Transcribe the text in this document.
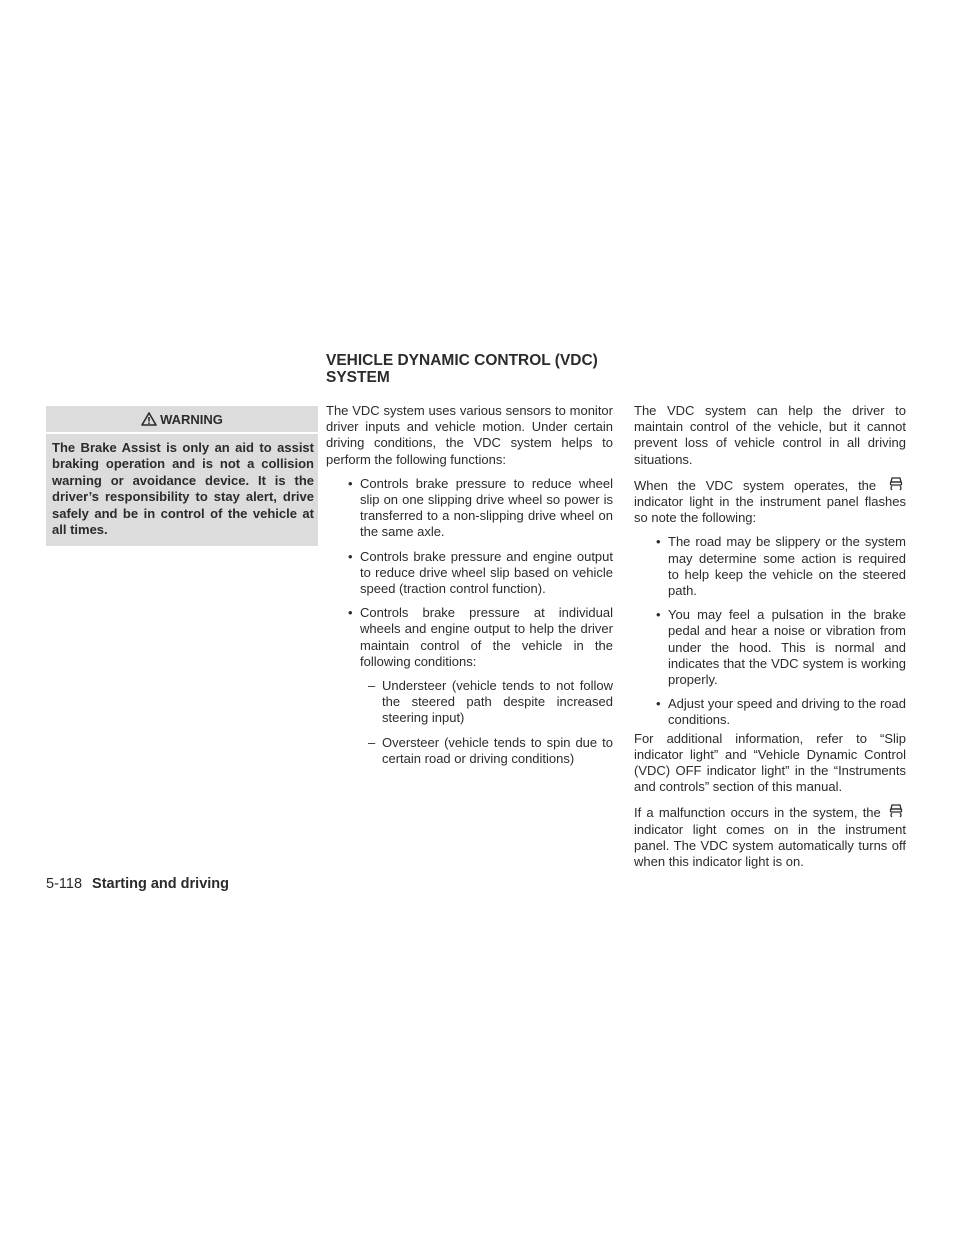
VEHICLE DYNAMIC CONTROL (VDC)
SYSTEM
WARNING

The Brake Assist is only an aid to assist braking operation and is not a collision warning or avoidance device. It is the driver’s responsibility to stay alert, drive safely and be in control of the vehicle at all times.

The VDC system uses various sensors to monitor driver inputs and vehicle motion. Under certain driving conditions, the VDC system helps to perform the following functions:

• Controls brake pressure to reduce wheel slip on one slipping drive wheel so power is transferred to a non-slipping drive wheel on the same axle.
• Controls brake pressure and engine output to reduce drive wheel slip based on vehicle speed (traction control function).
• Controls brake pressure at individual wheels and engine output to help the driver maintain control of the vehicle in the following conditions:
– Understeer (vehicle tends to not follow the steered path despite increased steering input)
– Oversteer (vehicle tends to spin due to certain road or driving conditions)

The VDC system can help the driver to maintain control of the vehicle, but it cannot prevent loss of vehicle control in all driving situations.

When the VDC system operates, the  indicator light in the instrument panel flashes so note the following:

• The road may be slippery or the system may determine some action is required to help keep the vehicle on the steered path.
• You may feel a pulsation in the brake pedal and hear a noise or vibration from under the hood. This is normal and indicates that the VDC system is working properly.
• Adjust your speed and driving to the road conditions.

For additional information, refer to “Slip indicator light” and “Vehicle Dynamic Control (VDC) OFF indicator light” in the “Instruments and controls” section of this manual.

If a malfunction occurs in the system, the  indicator light comes on in the instrument panel. The VDC system automatically turns off when this indicator light is on.

5-118 Starting and driving
